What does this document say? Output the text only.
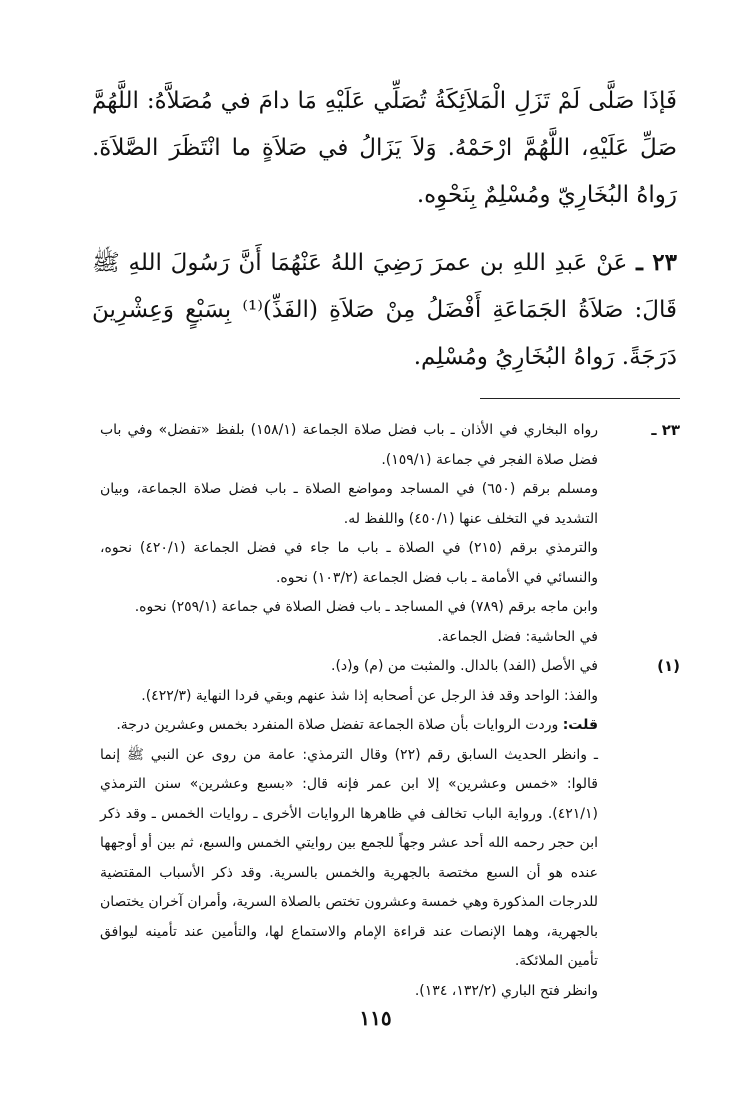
فَإذَا صَلَّى لَمْ تَزَلِ الْمَلاَئِكَةُ تُصَلِّي عَلَيْهِ مَا دامَ في مُصَلاَّهُ: اللَّهُمَّ صَلِّ عَلَيْهِ، اللَّهُمَّ ارْحَمْهُ. وَلاَ يَزَالُ في صَلاَةٍ ما انْتَظَرَ الصَّلاَةَ. رَواهُ البُخَارِيّ ومُسْلِمٌ بِنَحْوِه.

٢٣ ـ عَنْ عَبدِ اللهِ بن عمرَ رَضِيَ اللهُ عَنْهُمَا أَنَّ رَسُولَ اللهِ ﷺ قَالَ: صَلاَةُ الجَمَاعَةِ أَفْضَلُ مِنْ صَلاَةِ (الفَذِّ)⁽¹⁾ بِسَبْعٍ وَعِشْرِينَ دَرَجَةً. رَواهُ البُخَارِيُ ومُسْلِم.

٢٣ ـ

رواه البخاري في الأذان ـ باب فضل صلاة الجماعة (١٥٨/١) بلفظ «تفضل» وفي باب فضل صلاة الفجر في جماعة (١٥٩/١).

ومسلم برقم (٦٥٠) في المساجد ومواضع الصلاة ـ باب فضل صلاة الجماعة، وبيان التشديد في التخلف عنها (٤٥٠/١) واللفظ له.

والترمذي برقم (٢١٥) في الصلاة ـ باب ما جاء في فضل الجماعة (٤٢٠/١) نحوه، والنسائي في الأمامة ـ باب فضل الجماعة (١٠٣/٢) نحوه.

وابن ماجه برقم (٧٨٩) في المساجد ـ باب فضل الصلاة في جماعة (٢٥٩/١) نحوه.

في الحاشية: فضل الجماعة.

(١)

في الأصل (الفد) بالدال. والمثبت من (م) و(د).

والفذ: الواحد وقد فذ الرجل عن أصحابه إذا شذ عنهم وبقي فردا النهاية (٤٢٢/٣).

قلت: وردت الروايات بأن صلاة الجماعة تفضل صلاة المنفرد بخمس وعشرين درجة.

ـ وانظر الحديث السابق رقم (٢٢) وقال الترمذي: عامة من روى عن النبي ﷺ إنما قالوا: «خمس وعشرين» إلا ابن عمر فإنه قال: «بسبع وعشرين» سنن الترمذي (٤٢١/١). ورواية الباب تخالف في ظاهرها الروايات الأخرى ـ روايات الخمس ـ وقد ذكر ابن حجر رحمه الله أحد عشر وجهاً للجمع بين روايتي الخمس والسبع، ثم بين أو أوجهها عنده هو أن السبع مختصة بالجهرية والخمس بالسرية. وقد ذكر الأسباب المقتضية للدرجات المذكورة وهي خمسة وعشرون تختص بالصلاة السرية، وأمران آخران يختصان بالجهرية، وهما الإنصات عند قراءة الإمام والاستماع لها، والتأمين عند تأمينه ليوافق تأمين الملائكة.

وانظر فتح الباري (١٣٢/٢، ١٣٤).

١١٥
